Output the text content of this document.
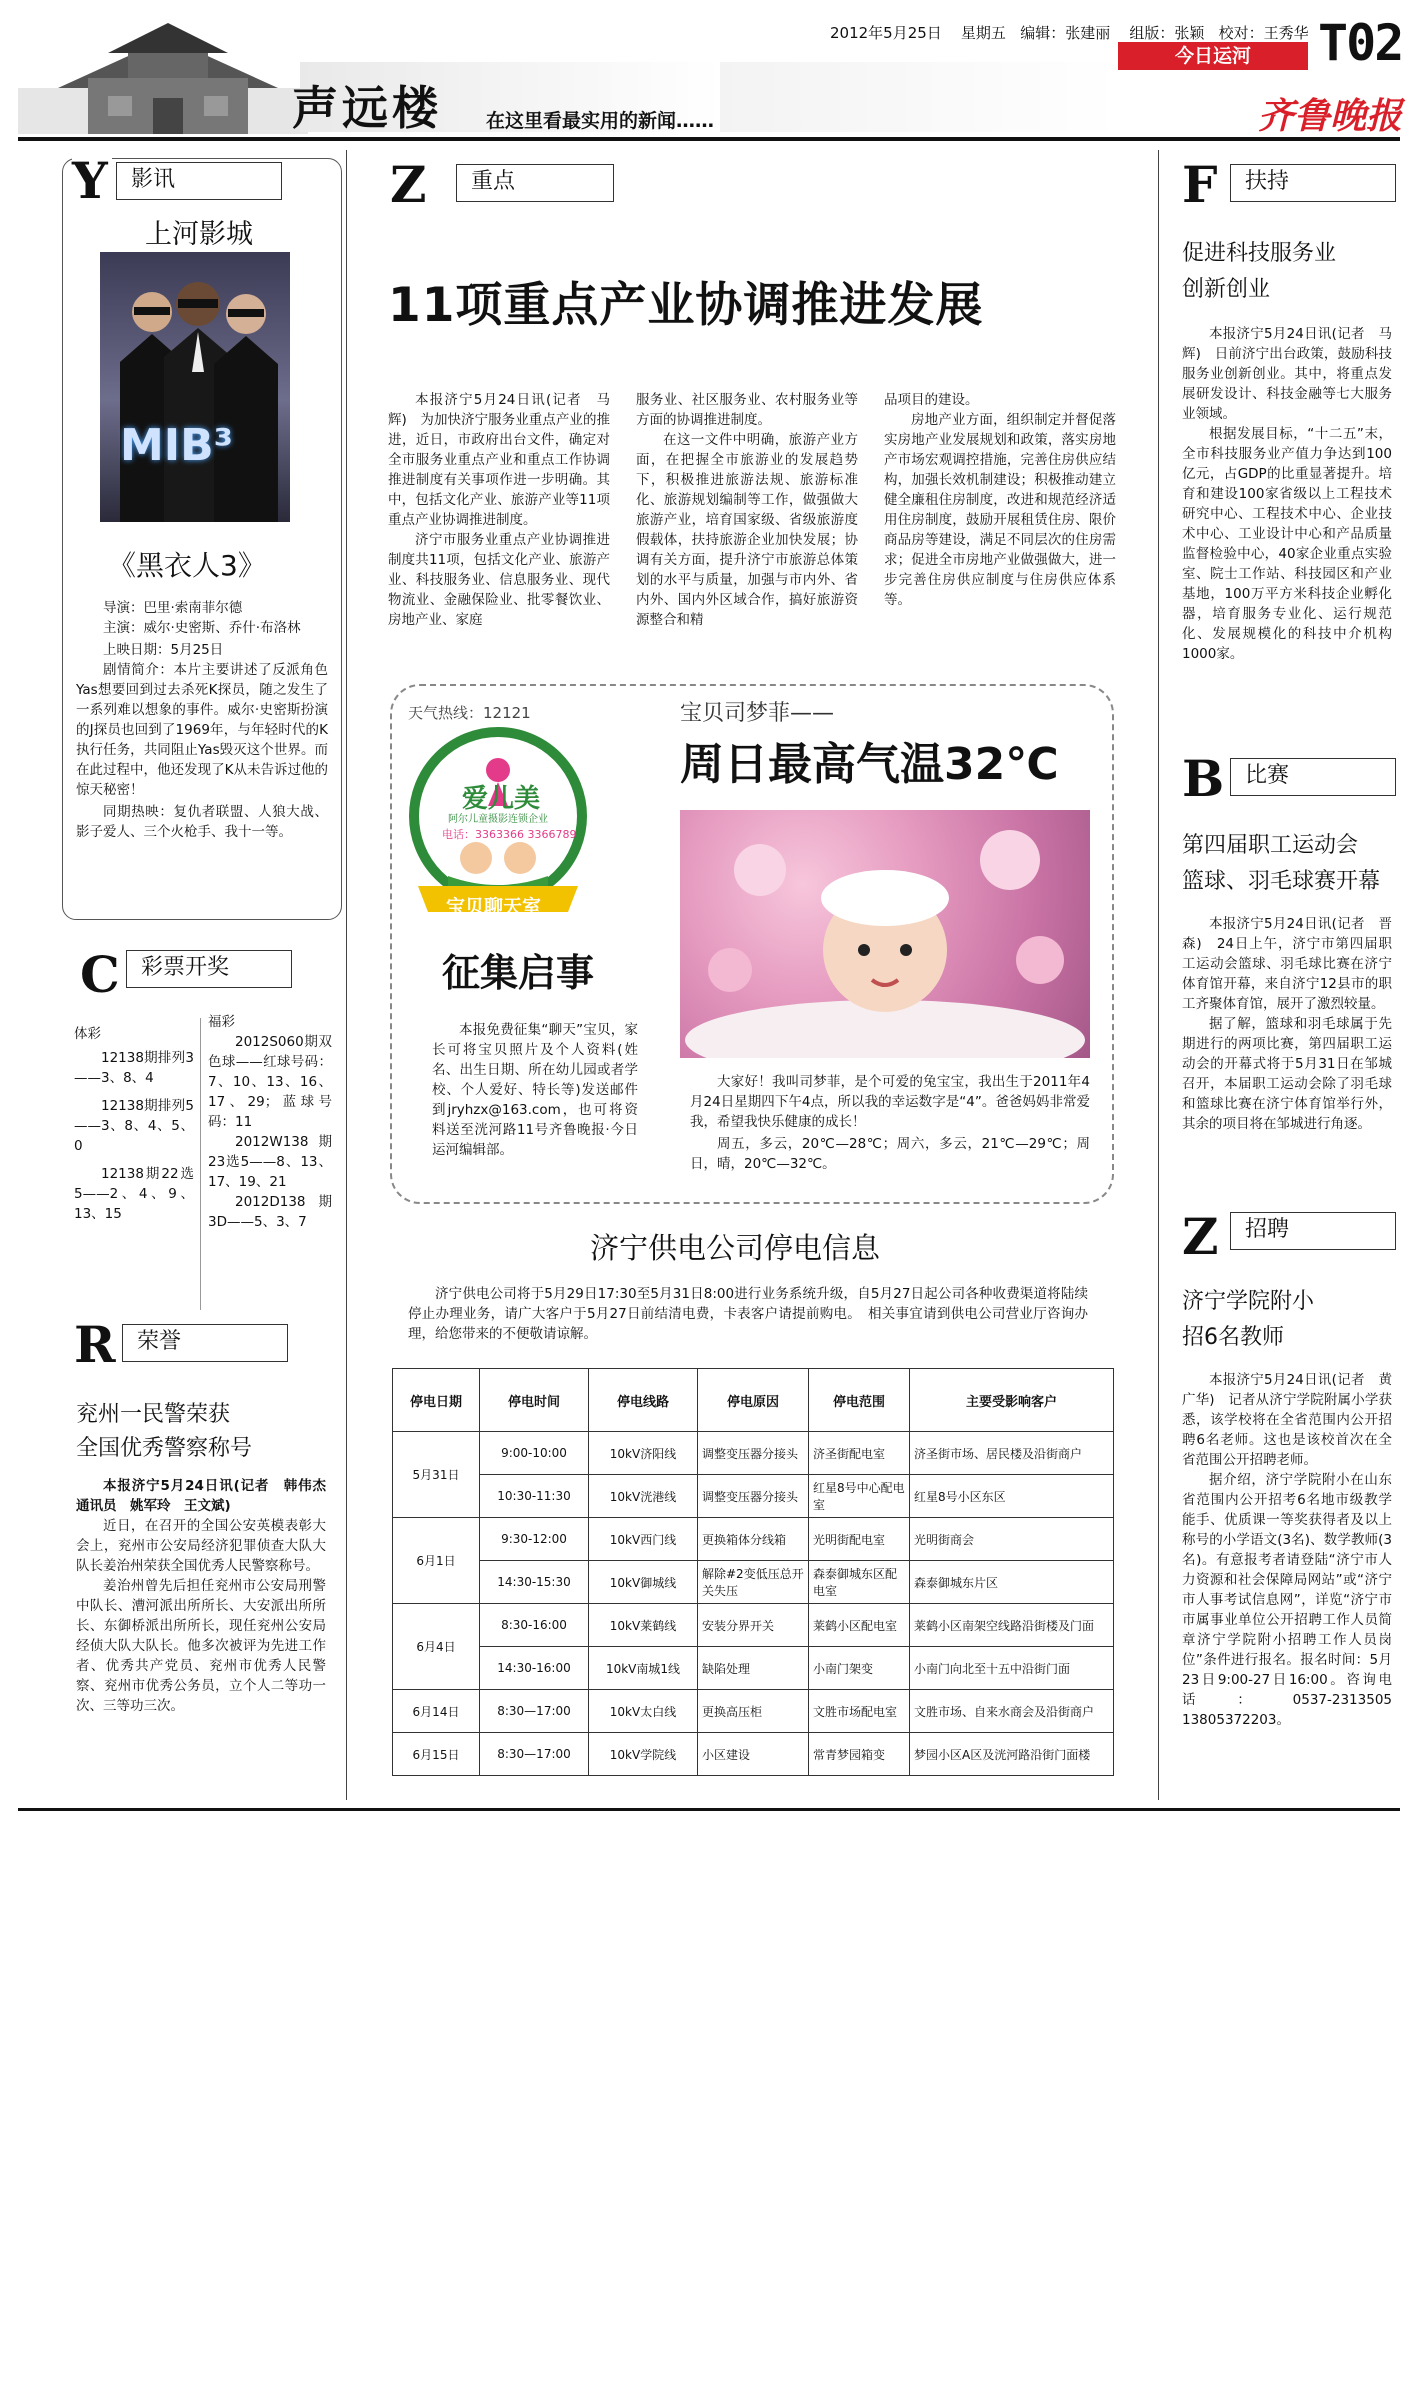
声远楼 在这里看最实用的新闻……
2012年5月25日 星期五 编辑：张建丽 组版：张颖 校对：王秀华 T02
今日运河
齐鲁晚报
Y	影讯
上河影城
MIB³
《黑衣人3》
导演：巴里·索南菲尔德
主演：威尔·史密斯、乔什·布洛林
上映日期：5月25日
剧情简介：本片主要讲述了反派角色Yas想要回到过去杀死K探员，随之发生了一系列难以想象的事件。威尔·史密斯扮演的J探员也回到了1969年，与年轻时代的K执行任务，共同阻止Yas毁灭这个世界。而在此过程中，他还发现了K从未告诉过他的惊天秘密！
同期热映：复仇者联盟、人狼大战、影子爱人、三个火枪手、我十一等。
C 彩票开奖
体彩
12138期排列3——3、8、4
12138期排列5——3、8、4、5、0
12138期22选5——2、4、9、13、15
福彩
2012S060期双色球——红球号码：7、10、13、16、17、29；蓝球号码：11
2012W138期23选5——8、13、17、19、21
2012D138期3D——5、3、7
R 荣誉
兖州一民警荣获
全国优秀警察称号

本报济宁5月24日讯(记者　韩伟杰　通讯员　姚军玲　王文斌)

近日，在召开的全国公安英模表彰大会上，兖州市公安局经济犯罪侦查大队大队长姜治州荣获全国优秀人民警察称号。

姜治州曾先后担任兖州市公安局刑警中队长、漕河派出所所长、大安派出所所长、东御桥派出所所长，现任兖州公安局经侦大队大队长。他多次被评为先进工作者、优秀共产党员、兖州市优秀人民警察、兖州市优秀公务员，立个人二等功一次、三等功三次。

Z	重点
11项重点产业协调推进发展

本报济宁5月24日讯(记者　马辉)　为加快济宁服务业重点产业的推进，近日，市政府出台文件，确定对全市服务业重点产业和重点工作协调推进制度有关事项作进一步明确。其中，包括文化产业、旅游产业等11项重点产业协调推进制度。

济宁市服务业重点产业协调推进制度共11项，包括文化产业、旅游产业、科技服务业、信息服务业、现代物流业、金融保险业、批零餐饮业、房地产业、家庭

服务业、社区服务业、农村服务业等方面的协调推进制度。

在这一文件中明确，旅游产业方面，在把握全市旅游业的发展趋势下，积极推进旅游法规、旅游标准化、旅游规划编制等工作，做强做大旅游产业，培育国家级、省级旅游度假载体，扶持旅游企业加快发展；协调有关方面，提升济宁市旅游总体策划的水平与质量，加强与市内外、省内外、国内外区域合作，搞好旅游资源整合和精

品项目的建设。

房地产业方面，组织制定并督促落实房地产业发展规划和政策，落实房地产市场宏观调控措施，完善住房供应结构，加强长效机制建设；积极推动建立健全廉租住房制度，改进和规范经济适用住房制度，鼓励开展租赁住房、限价商品房等建设，满足不同层次的住房需求；促进全市房地产业做强做大，进一步完善住房供应制度与住房供应体系等。

天气热线：12121
爱儿美
阿尔儿童摄影连锁企业
电话：3363366 3366789
宝贝聊天室
征集启事
本报免费征集“聊天”宝贝，家长可将宝贝照片及个人资料(姓名、出生日期、所在幼儿园或者学校、个人爱好、特长等)发送邮件到jryhzx@163.com，也可将资料送至洸河路11号齐鲁晚报·今日运河编辑部。
宝贝司梦菲——
周日最高气温32℃
大家好！我叫司梦菲，是个可爱的兔宝宝，我出生于2011年4月24日星期四下午4点，所以我的幸运数字是“4”。爸爸妈妈非常爱我，希望我快乐健康的成长！
周五，多云，20℃—28℃；周六，多云，21℃—29℃；周日，晴，20℃—32℃。
济宁供电公司停电信息
济宁供电公司将于5月29日17:30至5月31日8:00进行业务系统升级，自5月27日起公司各种收费渠道将陆续停止办理业务，请广大客户于5月27日前结清电费，卡表客户请提前购电。　相关事宜请到供电公司营业厅咨询办理，给您带来的不便敬请谅解。
停电日期	停电时间	停电线路	停电原因	停电范围	主要受影响客户
5月31日	9:00-10:00	10kV济阳线	调整变压器分接头	济圣街配电室	济圣街市场、居民楼及沿街商户
	10:30-11:30	10kV洸港线	调整变压器分接头	红星8号中心配电室	红星8号小区东区
6月1日	9:30-12:00	10kV西门线	更换箱体分线箱	光明街配电室	光明街商会
	14:30-15:30	10kV御城线	解除#2变低压总开关失压	森泰御城东区配电室	森泰御城东片区
6月4日	8:30-16:00	10kV莱鹤线	安装分界开关	莱鹤小区配电室	莱鹤小区南架空线路沿街楼及门面
	14:30-16:00	10kV南城1线	缺陷处理	小南门架变	小南门向北至十五中沿街门面
6月14日	8:30—17:00	10kV太白线	更换高压柜	文胜市场配电室	文胜市场、自来水商会及沿街商户
6月15日	8:30—17:00	10kV学院线	小区建设	常青梦园箱变	梦园小区A区及洸河路沿街门面楼
F	扶持
促进科技服务业
创新创业

本报济宁5月24日讯(记者　马辉)　日前济宁出台政策，鼓励科技服务业创新创业。其中，将重点发展研发设计、科技金融等七大服务业领域。

根据发展目标，“十二五”末，全市科技服务业产值力争达到100亿元，占GDP的比重显著提升。培育和建设100家省级以上工程技术研究中心、工程技术中心、企业技术中心、工业设计中心和产品质量监督检验中心，40家企业重点实验室、院士工作站、科技园区和产业基地，100万平方米科技企业孵化器，培育服务专业化、运行规范化、发展规模化的科技中介机构1000家。

B 比赛
第四届职工运动会
篮球、羽毛球赛开幕

本报济宁5月24日讯(记者　晋森)　24日上午，济宁市第四届职工运动会篮球、羽毛球比赛在济宁体育馆开幕，来自济宁12县市的职工齐聚体育馆，展开了激烈较量。

据了解，篮球和羽毛球属于先期进行的两项比赛，第四届职工运动会的开幕式将于5月31日在邹城召开，本届职工运动会除了羽毛球和篮球比赛在济宁体育馆举行外，其余的项目将在邹城进行角逐。

Z	招聘
济宁学院附小
招6名教师

本报济宁5月24日讯(记者　黄广华)　记者从济宁学院附属小学获悉，该学校将在全省范围内公开招聘6名老师。这也是该校首次在全省范围公开招聘老师。

据介绍，济宁学院附小在山东省范围内公开招考6名地市级教学能手、优质课一等奖获得者及以上称号的小学语文(3名)、数学教师(3名)。有意报考者请登陆“济宁市人力资源和社会保障局网站”或“济宁市人事考试信息网”，详览“济宁市市属事业单位公开招聘工作人员简章济宁学院附小招聘工作人员岗位”条件进行报名。报名时间：5月23日9:00-27日16:00。咨询电话：0537-2313505 13805372203。
